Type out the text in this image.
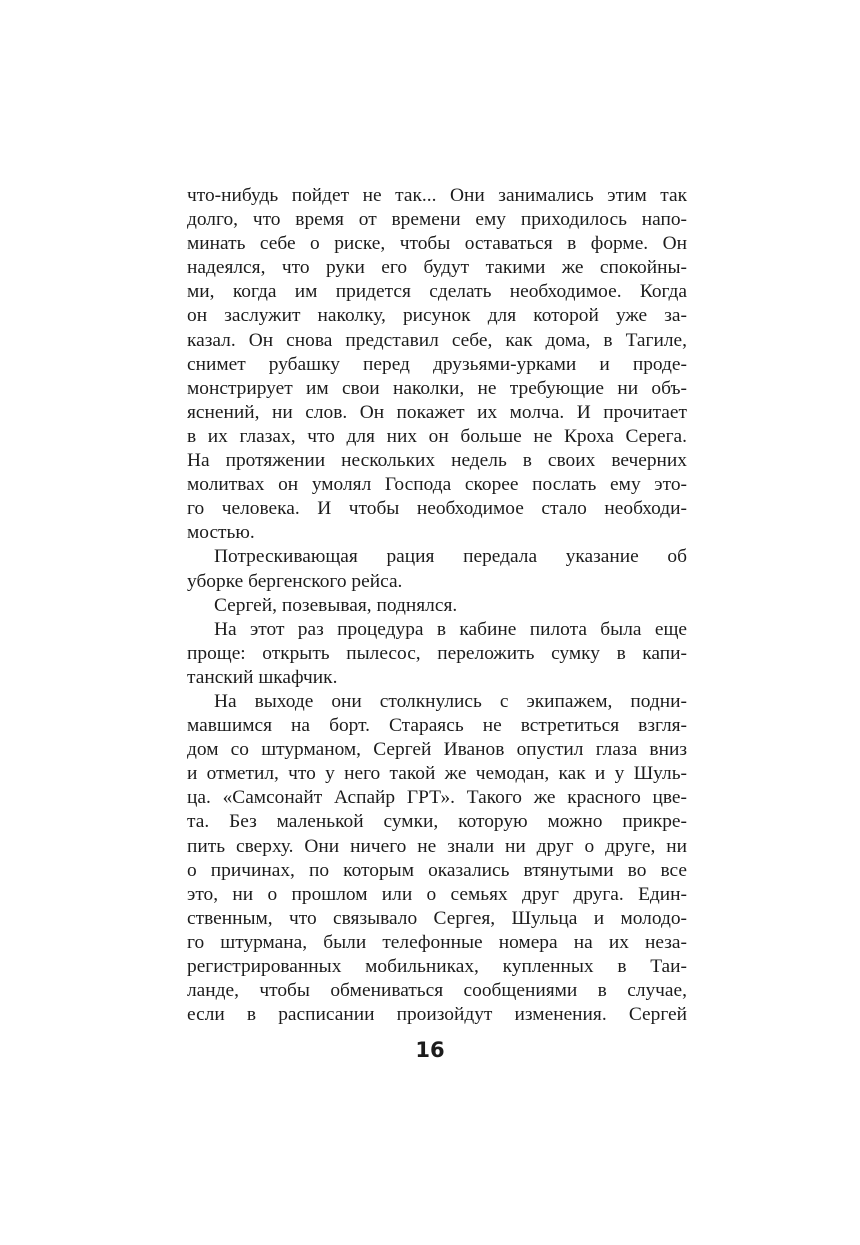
что-нибудь пойдет не так... Они занимались этим так
долго, что время от времени ему приходилось напо-
минать себе о риске, чтобы оставаться в форме. Он
надеялся, что руки его будут такими же спокойны-
ми, когда им придется сделать необходимое. Когда
он заслужит наколку, рисунок для которой уже за-
казал. Он снова представил себе, как дома, в Тагиле,
снимет рубашку перед друзьями-урками и проде-
монстрирует им свои наколки, не требующие ни объ-
яснений, ни слов. Он покажет их молча. И прочитает
в их глазах, что для них он больше не Кроха Серега.
На протяжении нескольких недель в своих вечерних
молитвах он умолял Господа скорее послать ему это-
го человека. И чтобы необходимое стало необходи-
мостью.
Потрескивающая рация передала указание об
уборке бергенского рейса.
Сергей, позевывая, поднялся.
На этот раз процедура в кабине пилота была еще
проще: открыть пылесос, переложить сумку в капи-
танский шкафчик.
На выходе они столкнулись с экипажем, подни-
мавшимся на борт. Стараясь не встретиться взгля-
дом со штурманом, Сергей Иванов опустил глаза вниз
и отметил, что у него такой же чемодан, как и у Шуль-
ца. «Самсонайт Аспайр ГРТ». Такого же красного цве-
та. Без маленькой сумки, которую можно прикре-
пить сверху. Они ничего не знали ни друг о друге, ни
о причинах, по которым оказались втянутыми во все
это, ни о прошлом или о семьях друг друга. Един-
ственным, что связывало Сергея, Шульца и молодо-
го штурмана, были телефонные номера на их неза-
регистрированных мобильниках, купленных в Таи-
ланде, чтобы обмениваться сообщениями в случае,
если в расписании произойдут изменения. Сергей
16
